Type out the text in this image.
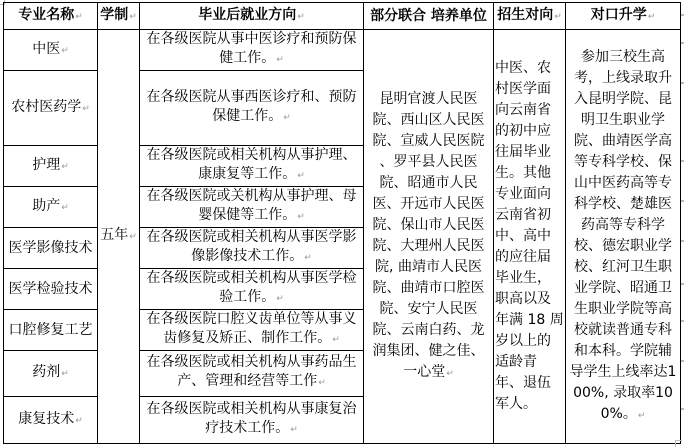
专业名称↵	学制↵	毕业后就业方向↵	部分联合 培养单位	招生对向↵	对口升学↵
中医↵	五年↵	在各级医院从事中医诊疗和预防保健工作。↵	昆明官渡人民医院、西山区人民医院、宣威人民医院 、罗平县人民医院、昭通市人民医、开远市人民医院、保山市人民医院、大理州人民医院, 曲靖市人民医院、曲靖市口腔医院、安宁人民医院、云南白药、龙润集团、健之佳、一心堂↵	中医、农村医学面向云南省的初中应往届毕业生。其他专业面向云南省初中、高中的应往届毕业生，职高以及年满 18 周岁以上的适龄青年、退伍军人。	参加三校生高考，上线录取升入昆明学院、昆明卫生职业学院、曲靖医学高等专科学校、保山中医药高等专科学校、楚雄医药高等专科学校、德宏职业学校、红河卫生职业学院、昭通卫生职业学院等高校就读普通专科和本科。学院辅导学生上线率达100%, 录取率100%。↵
农村医药学↵		在各级医院从事西医诊疗和、预防保健工作。↵			
护理↵		在各级医院或相关机构从事护理、康康复等工作。↵			
助产↵		在各级医院或关机构从事护理、母婴保健等工作。↵			
医学影像技术		在各级医院或相关机构从事医学影像影像技术工作。↵			
医学检验技术		在各级医院或相关机构从事医学检验工作。↵			
口腔修复工艺		在各级医院口腔义齿单位等从事义齿修复及矫正、制作工作。↵			
药剂↵		在各级医院或相关机构从事药品生产、管理和经营等工作↵			
康复技术↵		在各级医院或相关机构从事康复治疗技术工作。↵			
